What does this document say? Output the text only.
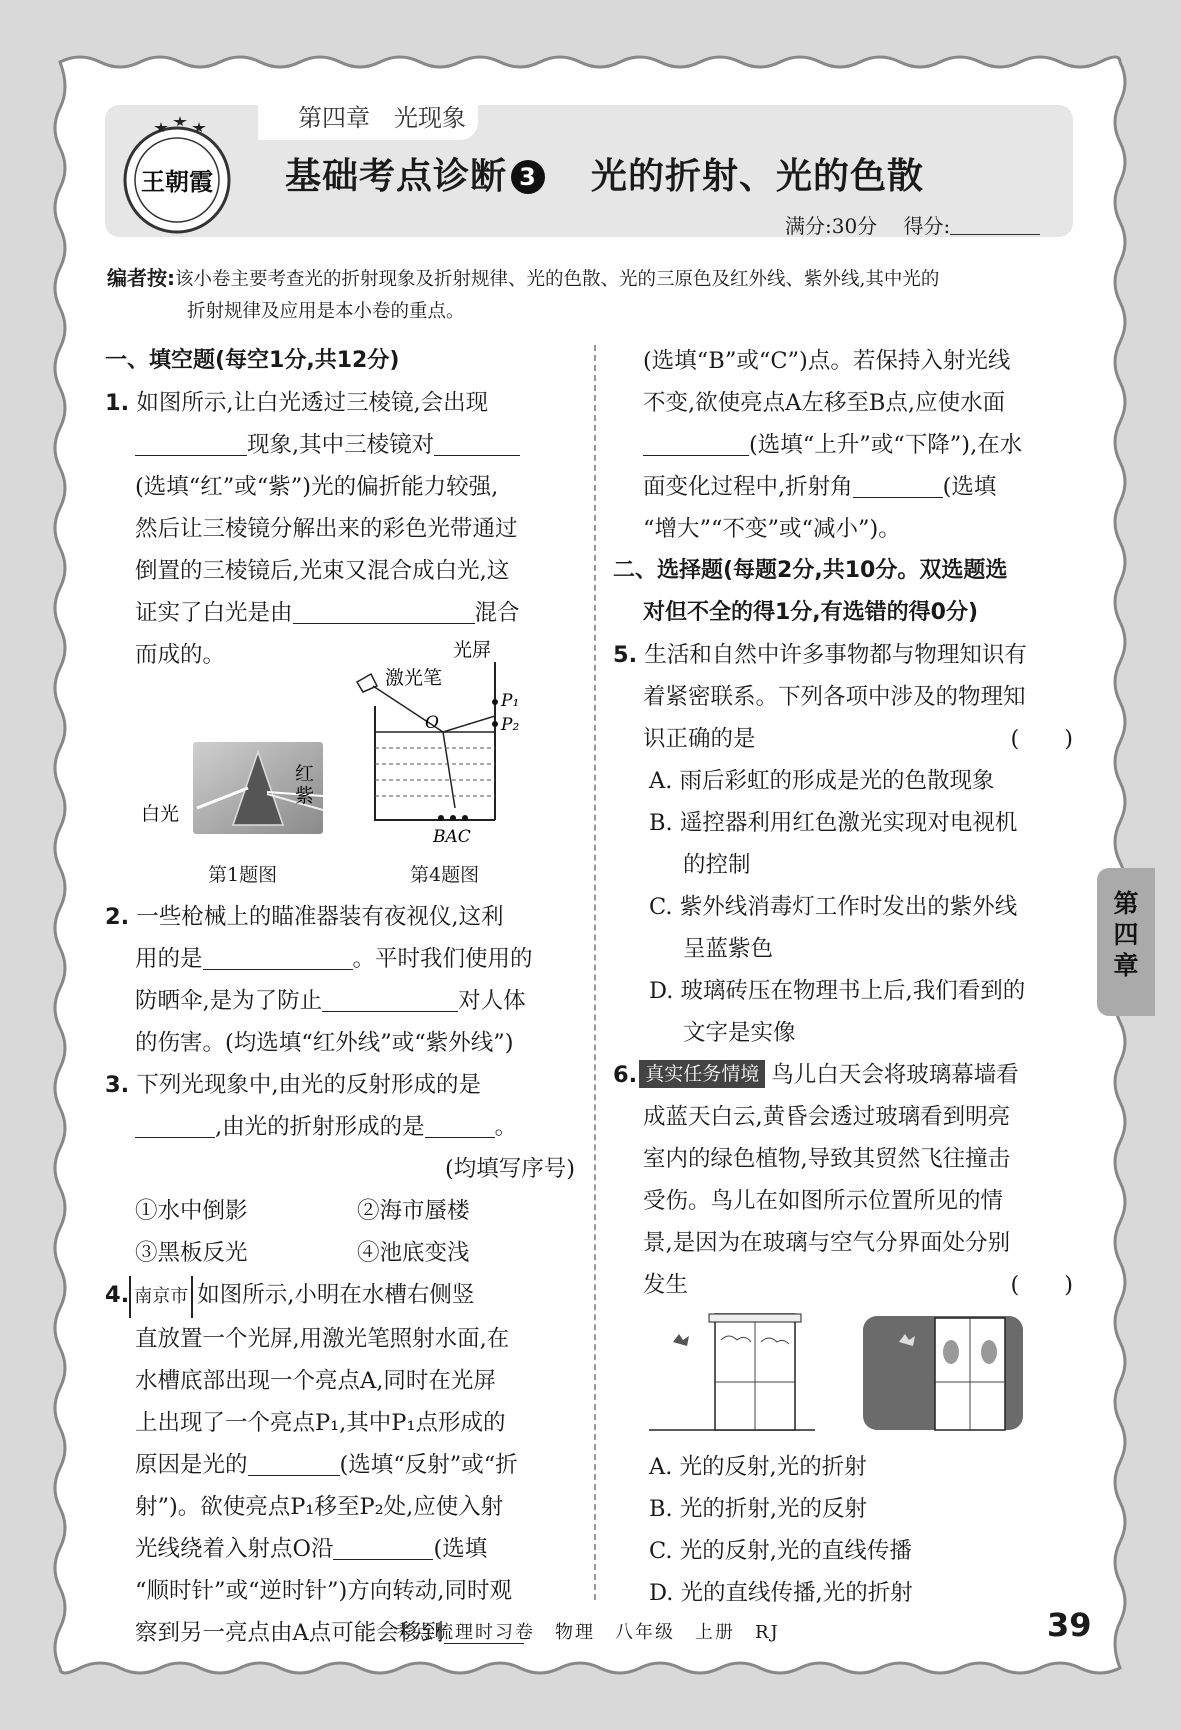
第四章　光现象
王朝霞 基础考点诊断 3 光的折射、光的色散
满分:30分　 得分:
编者按:该小卷主要考查光的折射现象及折射规律、光的色散、光的三原色及红外线、紫外线,其中光的
折射规律及应用是本小卷的重点。
一、填空题(每空1分,共12分)
1. 如图所示,让白光透过三棱镜,会出现
现象,其中三棱镜对
(选填“红”或“紫”)光的偏折能力较强,
然后让三棱镜分解出来的彩色光带通过
倒置的三棱镜后,光束又混合成白光,这
证实了白光是由	混合
而成的。
白光
红
紫
第1题图
光屏
激光笔
P₁
P₂
O
BAC
第4题图
2. 一些枪械上的瞄准器装有夜视仪,这利
用的是	。平时我们使用的
防晒伞,是为了防止	对人体
的伤害。(均选填“红外线”或“紫外线”)
3. 下列光现象中,由光的反射形成的是
,由光的折射形成的是	。
(均填写序号)
①水中倒影	②海市蜃楼
③黑板反光	④池底变浅
4. 南京市 如图所示,小明在水槽右侧竖
直放置一个光屏,用激光笔照射水面,在
水槽底部出现一个亮点A,同时在光屏
上出现了一个亮点P₁,其中P₁点形成的
原因是光的	(选填“反射”或“折
射”)。欲使亮点P₁移至P₂处,应使入射
光线绕着入射点O沿	(选填
“顺时针”或“逆时针”)方向转动,同时观
察到另一亮点由A点可能会移到
(选填“B”或“C”)点。若保持入射光线
不变,欲使亮点A左移至B点,应使水面
(选填“上升”或“下降”),在水
面变化过程中,折射角	(选填
“增大”“不变”或“减小”)。
二、选择题(每题2分,共10分。双选题选
对但不全的得1分,有选错的得0分)
5. 生活和自然中许多事物都与物理知识有
着紧密联系。下列各项中涉及的物理知
识正确的是	(　　)
A. 雨后彩虹的形成是光的色散现象
B. 遥控器利用红色激光实现对电视机
的控制
C. 紫外线消毒灯工作时发出的紫外线
呈蓝紫色
D. 玻璃砖压在物理书上后,我们看到的
文字是实像
6. 真实任务情境 鸟儿白天会将玻璃幕墙看
成蓝天白云,黄昏会透过玻璃看到明亮
室内的绿色植物,导致其贸然飞往撞击
受伤。鸟儿在如图所示位置所见的情
景,是因为在玻璃与空气分界面处分别
发生	(　　)
A. 光的反射,光的折射
B. 光的折射,光的反射
C. 光的反射,光的直线传播
D. 光的直线传播,光的折射
第
四
章
考点梳理时习卷　物理　八年级　上册　RJ	39
